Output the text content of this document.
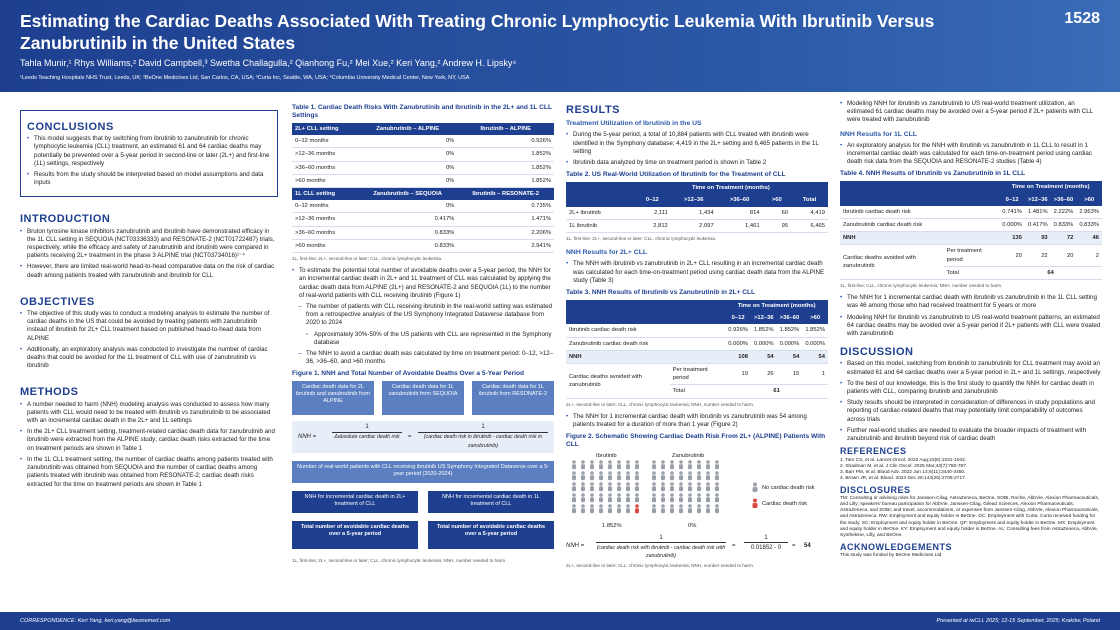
Estimating the Cardiac Deaths Associated With Treating Chronic Lymphocytic Leukemia With Ibrutinib Versus Zanubrutinib in the United States
1528
Tahla Munir,¹ Rhys Williams,² David Campbell,³ Swetha Challagulla,² Qianhong Fu,² Mei Xue,² Keri Yang,² Andrew H. Lipsky⁴
¹Leeds Teaching Hospitals NHS Trust, Leeds, UK; ²BeOne Medicines Ltd, San Carlos, CA, USA; ³Curta Inc, Seattle, WA, USA; ⁴Columbia University Medical Center, New York, NY, USA
CONCLUSIONS
• This model suggests that by switching from ibrutinib to zanubrutinib for chronic lymphocytic leukemia (CLL) treatment, an estimated 61 and 64 cardiac deaths may potentially be prevented over a 5-year period in second-line or later (2L+) and first-line (1L) settings, respectively
• Results from the study should be interpreted based on model assumptions and data inputs
INTRODUCTION
• Bruton tyrosine kinase inhibitors zanubrutinib and ibrutinib have demonstrated efficacy in the 1L CLL setting in SEQUOIA (NCT03336333) and RESONATE-2 (NCT01722487) trials, respectively, while the efficacy and safety of zanubrutinib and ibrutinib were compared in patients receiving 2L+ treatment in the phase 3 ALPINE trial (NCT03734016)¹⁻⁴
• However, there are limited real-world head-to-head comparative data on the risk of cardiac death among patients treated with zanubrutinib and ibrutinib for CLL
OBJECTIVES
• The objective of this study was to conduct a modeling analysis to estimate the number of cardiac deaths in the US that could be avoided by treating patients with zanubrutinib instead of ibrutinib for 2L+ CLL treatment based on published head-to-head data from ALPINE
• Additionally, an exploratory analysis was conducted to investigate the number of cardiac deaths that could be avoided for the 1L treatment of CLL with use of zanubrutinib vs ibrutinib
METHODS
• A number needed to harm (NNH) modeling analysis was conducted to assess how many patients with CLL would need to be treated with ibrutinib vs zanubrutinib to be associated with an incremental cardiac death in the 2L+ and 1L settings
• In the 2L+ CLL treatment setting, treatment-related cardiac death data for zanubrutinib and ibrutinib were extracted from the ALPINE study; cardiac death risks extracted for the time on treatment periods are shown in Table 1
• In the 1L CLL treatment setting, the number of cardiac deaths among patients treated with zanubrutinib was obtained from SEQUOIA and the number of cardiac deaths among patients treated with ibrutinib was obtained from RESONATE-2; cardiac death risks extracted for the time on treatment periods are shown in Table 1
Table 1. Cardiac Death Risks With Zanubrutinib and Ibrutinib in the 2L+ and 1L CLL Settings
2L+ CLL setting	Zanubrutinib – ALPINE	Ibrutinib – ALPINE
0–12 months	0%	0.926%
>12–36 months	0%	1.852%
>36–60 months	0%	1.852%
>60 months	0%	1.852%
1L CLL setting	Zanubrutinib – SEQUOIA	Ibrutinib – RESONATE-2
0–12 months	0%	0.735%
>12–36 months	0.417%	1.471%
>36–60 months	0.833%	2.206%
>60 months	0.833%	2.941%
1L, first-line; 2L+, second-line or later; CLL, chronic lymphocytic leukemia.
• To estimate the potential total number of avoidable deaths over a 5-year period, the NNH for an incremental cardiac death in 2L+ and 1L treatment of CLL was calculated by applying the cardiac death data from ALPINE (2L+) and RESONATE-2 and SEQUOIA (1L) to the number of real-world patients with CLL receiving ibrutinib (Figure 1)
– The number of patients with CLL receiving ibrutinib in the real-world setting was estimated from a retrospective analysis of the US Symphony Integrated Dataverse database from 2020 to 2024
▫ Approximately 30%-50% of the US patients with CLL are represented in the Symphony database
– The NNH to avoid a cardiac death was calculated by time on treatment period: 0–12, >12–36, >36–60, and >60 months
Figure 1. NNH and Total Number of Avoidable Deaths Over a 5-Year Period
Cardiac death data for 2L ibrutinib and zanubrutinib from ALPINE
Cardiac death data for 1L zanubrutinib from SEQUOIA
Cardiac death data for 1L ibrutinib from RESONATE-2
NNH =
1
Δabsolute cardiac death risk	=
1
(cardiac death risk in ibrutinib - cardiac death risk in zanubrutinib)
Number of real-world patients with CLL receiving ibrutinib US Symphony Integrated Dataverse over a 5-year period (2020-2024)
NNH for incremental cardiac death in 2L+ treatment of CLL
NNH for incremental cardiac death in 1L treatment of CLL
Total number of avoidable cardiac deaths over a 5-year period
Total number of avoidable cardiac deaths over a 5-year period
1L, first-line; 2L+, second-line or later; CLL, chronic lymphocytic leukemia; NNH, number needed to harm.
RESULTS
Treatment Utilization of Ibrutinib in the US
• During the 5-year period, a total of 10,884 patients with CLL treated with ibrutinib were identified in the Symphony database; 4,419 in the 2L+ setting and 6,465 patients in the 1L setting
• Ibrutinib data analyzed by time on treatment period is shown in Table 2
Table 2. US Real-World Utilization of Ibrutinib for the Treatment of CLL
	Time on Treatment (months)				
	0–12	>12–36	>36–60	>60	Total
2L+ ibrutinib	2,111	1,434	814	60	4,419
1L ibrutinib	2,812	2,097	1,461	95	6,465
1L, first-line; 2L+, second-line or later; CLL, chronic lymphocytic leukemia.
NNH Results for 2L+ CLL
• The NNH with ibrutinib vs zanubrutinib in 2L+ CLL resulting in an incremental cardiac death was calculated for each time-on-treatment period using cardiac death data from the ALPINE study (Table 3)
Table 3. NNH Results of Ibrutinib vs Zanubrutinib in 2L+ CLL
		Time on Treatment (months)			
		0–12	>12–36	>36–60	>60
Ibrutinib cardiac death risk		0.926%	1.852%	1.852%	1.852%
Zanubrutinib cardiac death risk		0.000%	0.000%	0.000%	0.000%
NNH		108	54	54	54
Cardiac deaths avoided with zanubrutinib	Per treatment period	19	26	15	1
	Total	61			
2L+, second-line or later; CLL, chronic lymphocytic leukemia; NNH, number needed to harm.
• The NNH for 1 incremental cardiac death with ibrutinib vs zanubrutinib was 54 among patients treated for a duration of more than 1 year (Figure 2)
Figure 2. Schematic Showing Cardiac Death Risk From 2L+ (ALPINE) Patients With CLL
Ibrutinib	Zanubrutinib
1.852%	0%
No cardiac death risk
Cardiac death risk
NNH =
1
(cardiac death risk with ibrutinib - cardiac death risk with zanubrutinib)
=
1
0.01852 - 0	= 54
2L+, second-line or later; CLL, chronic lymphocytic leukemia; NNH, number needed to harm.
• Modeling NNH for ibrutinib vs zanubrutinib to US real-world treatment utilization, an estimated 61 cardiac deaths may be avoided over a 5-year period if 2L+ patients with CLL were treated with zanubrutinib
NNH Results for 1L CLL
• An exploratory analysis for the NNH with ibrutinib vs zanubrutinib in 1L CLL to result in 1 incremental cardiac death was calculated for each time-on-treatment period using cardiac death risk data from the SEQUOIA and RESONATE-2 studies (Table 4)
Table 4. NNH Results of Ibrutinib vs Zanubrutinib in 1L CLL
		Time on Treatment (months)			
		0–12	>12–36	>36–60	>60
Ibrutinib cardiac death risk		0.741%	1.481%	2.222%	2.963%
Zanubrutinib cardiac death risk		0.000%	0.417%	0.833%	0.833%
NNH		135	93	72	46
Cardiac deaths avoided with zanubrutinib	Per treatment period	20	22	20	2
	Total	64			
1L, first-line; CLL, chronic lymphocytic leukemia; NNH, number needed to harm.
• The NNH for 1 incremental cardiac death with ibrutinib vs zanubrutinib in the 1L CLL setting was 46 among those who had received treatment for 5 years or more
• Modeling NNH for ibrutinib vs zanubrutinib to US real-world treatment patterns, an estimated 64 cardiac deaths may be avoided over a 5-year period if 2L+ patients with CLL were treated with zanubrutinib
DISCUSSION
• Based on this model, switching from ibrutinib to zanubrutinib for CLL treatment may avoid an estimated 61 and 64 cardiac deaths over a 5-year period in 2L+ and 1L settings, respectively
• To the best of our knowledge, this is the first study to quantify the NNH for cardiac death in patients with CLL, comparing ibrutinib and zanubrutinib
• Study results should be interpreted in consideration of differences in study populations and reporting of cardiac-related deaths that may potentially limit comparability of outcomes across trials
• Further real-world studies are needed to evaluate the broader impacts of treatment with zanubrutinib and ibrutinib beyond risk of cardiac death
REFERENCES
1. Tam CS, et al. Lancet Oncol. 2022 Aug;23(8):1031-1043.
2. Shadman M, et al. J Clin Oncol. 2025 Mar;43(7):780-787.
3. Barr PM, et al. Blood Adv. 2022 Jun 14;6(11):3440-3450.
4. Brown JR, et al. Blood. 2024 Dec 26;144(26):2706-2717.
DISCLOSURES
TM: Consulting or advising roles for Janssen-Cilag, AstraZeneca, BeOne, SOBI, Roche, AbbVie, Alexion Pharmaceuticals, and Lilly; speakers' bureau participation for AbbVie, Janssen-Cilag, Gilead Sciences, Alexion Pharmaceuticals, AstraZeneca, and SOBI; and travel, accommodations, or expenses from Janssen-Cilag, AbbVie, Alexion Pharmaceuticals, and AstraZeneca. RW: Employment and equity holder in BeOne. DC: Employment with Curta. Curta received funding for the study. SC: Employment and equity holder in BeOne. QF: Employment and equity holder in BeOne. MX: Employment and equity holder in BeOne. KY: Employment and equity holder in BeOne. AL: Consulting fees from AstraZeneca, AbbVie, Synthekine, Lilly, and BeOne.
ACKNOWLEDGEMENTS
This study was funded by BeOne Medicines Ltd
CORRESPONDENCE: Keri Yang, keri.yang@beonemed.com	Presented at iwCLL 2025; 12-15 September, 2025; Kraków, Poland
